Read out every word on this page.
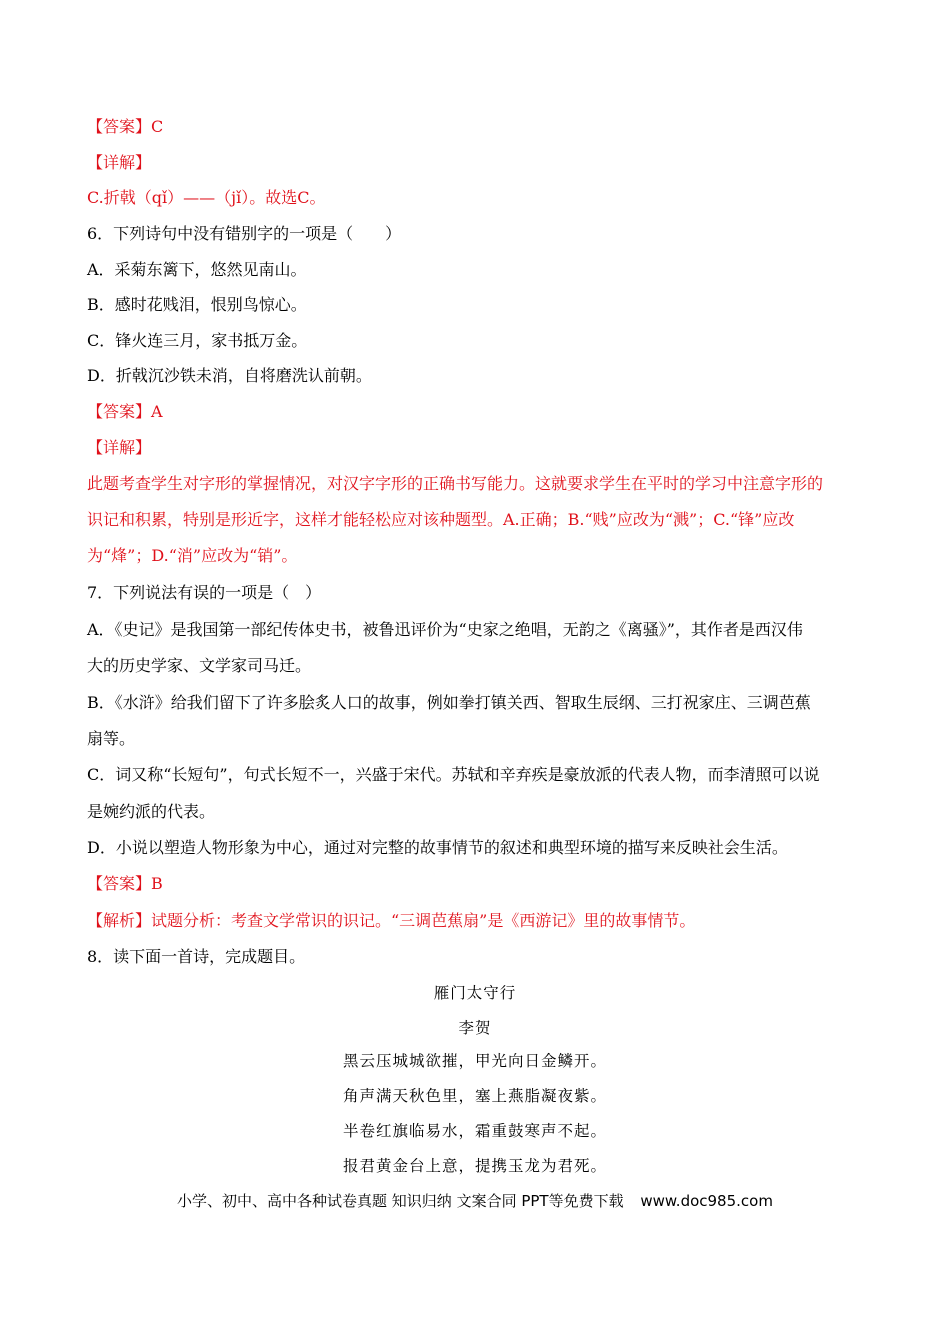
【答案】C
【详解】
C.折戟（qǐ）——（jǐ）。故选C。
6．下列诗句中没有错别字的一项是（　　）
A．采菊东篱下，悠然见南山。
B．感时花贱泪，恨别鸟惊心。
C．锋火连三月，家书抵万金。
D．折戟沉沙铁未消，自将磨洗认前朝。
【答案】A
【详解】
此题考查学生对字形的掌握情况，对汉字字形的正确书写能力。这就要求学生在平时的学习中注意字形的
识记和积累，特别是形近字，这样才能轻松应对该种题型。A.正确；B.“贱”应改为“溅”；C.“锋”应改
为“烽”；D.“消”应改为“销”。
7．下列说法有误的一项是（　）
A．《史记》是我国第一部纪传体史书，被鲁迅评价为“史家之绝唱，无韵之《离骚》”，其作者是西汉伟
大的历史学家、文学家司马迁。
B．《水浒》给我们留下了许多脍炙人口的故事，例如拳打镇关西、智取生辰纲、三打祝家庄、三调芭蕉
扇等。
C．词又称“长短句”，句式长短不一，兴盛于宋代。苏轼和辛弃疾是豪放派的代表人物，而李清照可以说
是婉约派的代表。
D．小说以塑造人物形象为中心，通过对完整的故事情节的叙述和典型环境的描写来反映社会生活。
【答案】B
【解析】试题分析：考查文学常识的识记。“三调芭蕉扇”是《西游记》里的故事情节。
8．读下面一首诗，完成题目。
雁门太守行
李贺
黑云压城城欲摧，甲光向日金鳞开。
角声满天秋色里，塞上燕脂凝夜紫。
半卷红旗临易水，霜重鼓寒声不起。
报君黄金台上意，提携玉龙为君死。
小学、初中、高中各种试卷真题 知识归纳 文案合同 PPT等免费下载 www.doc985.com
